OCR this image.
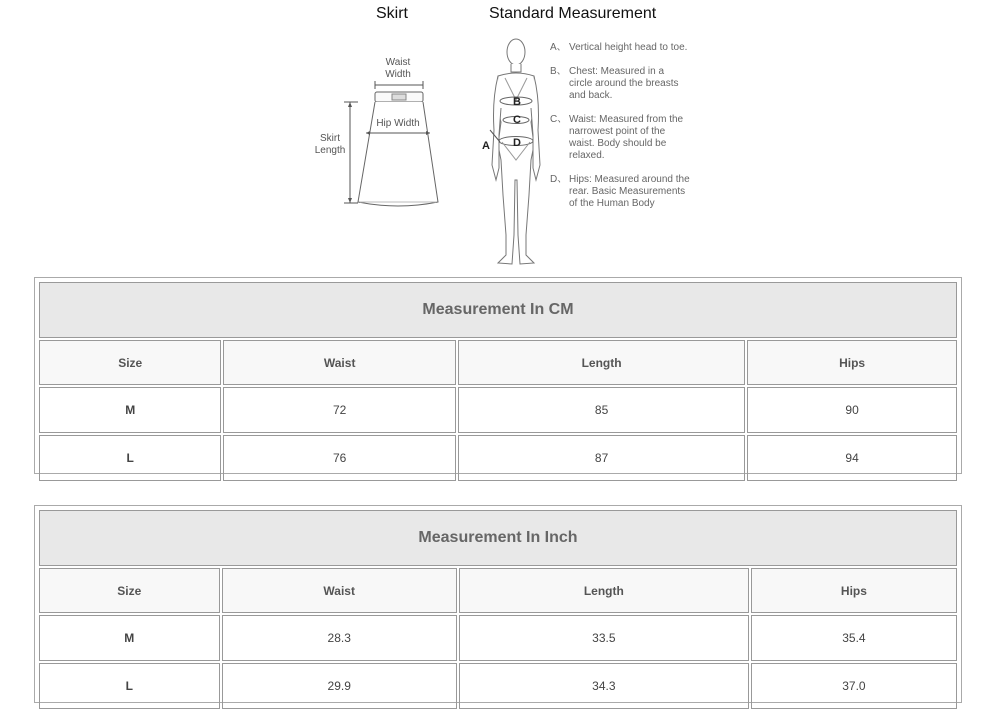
Skirt	Standard Measurement
B
C
D
A
Waist Width
Hip Width
Skirt Length
A、 Vertical height head to toe.
B、 Chest: Measured in a circle around the breasts and back.
C、 Waist: Measured from the narrowest point of the waist. Body should be relaxed.
D、 Hips: Measured around the rear. Basic Measurements of the Human Body
Measurement In CM			
Size	Waist	Length	Hips
M	72	85	90
L	76	87	94
Measurement In Inch			
Size	Waist	Length	Hips
M	28.3	33.5	35.4
L	29.9	34.3	37.0
